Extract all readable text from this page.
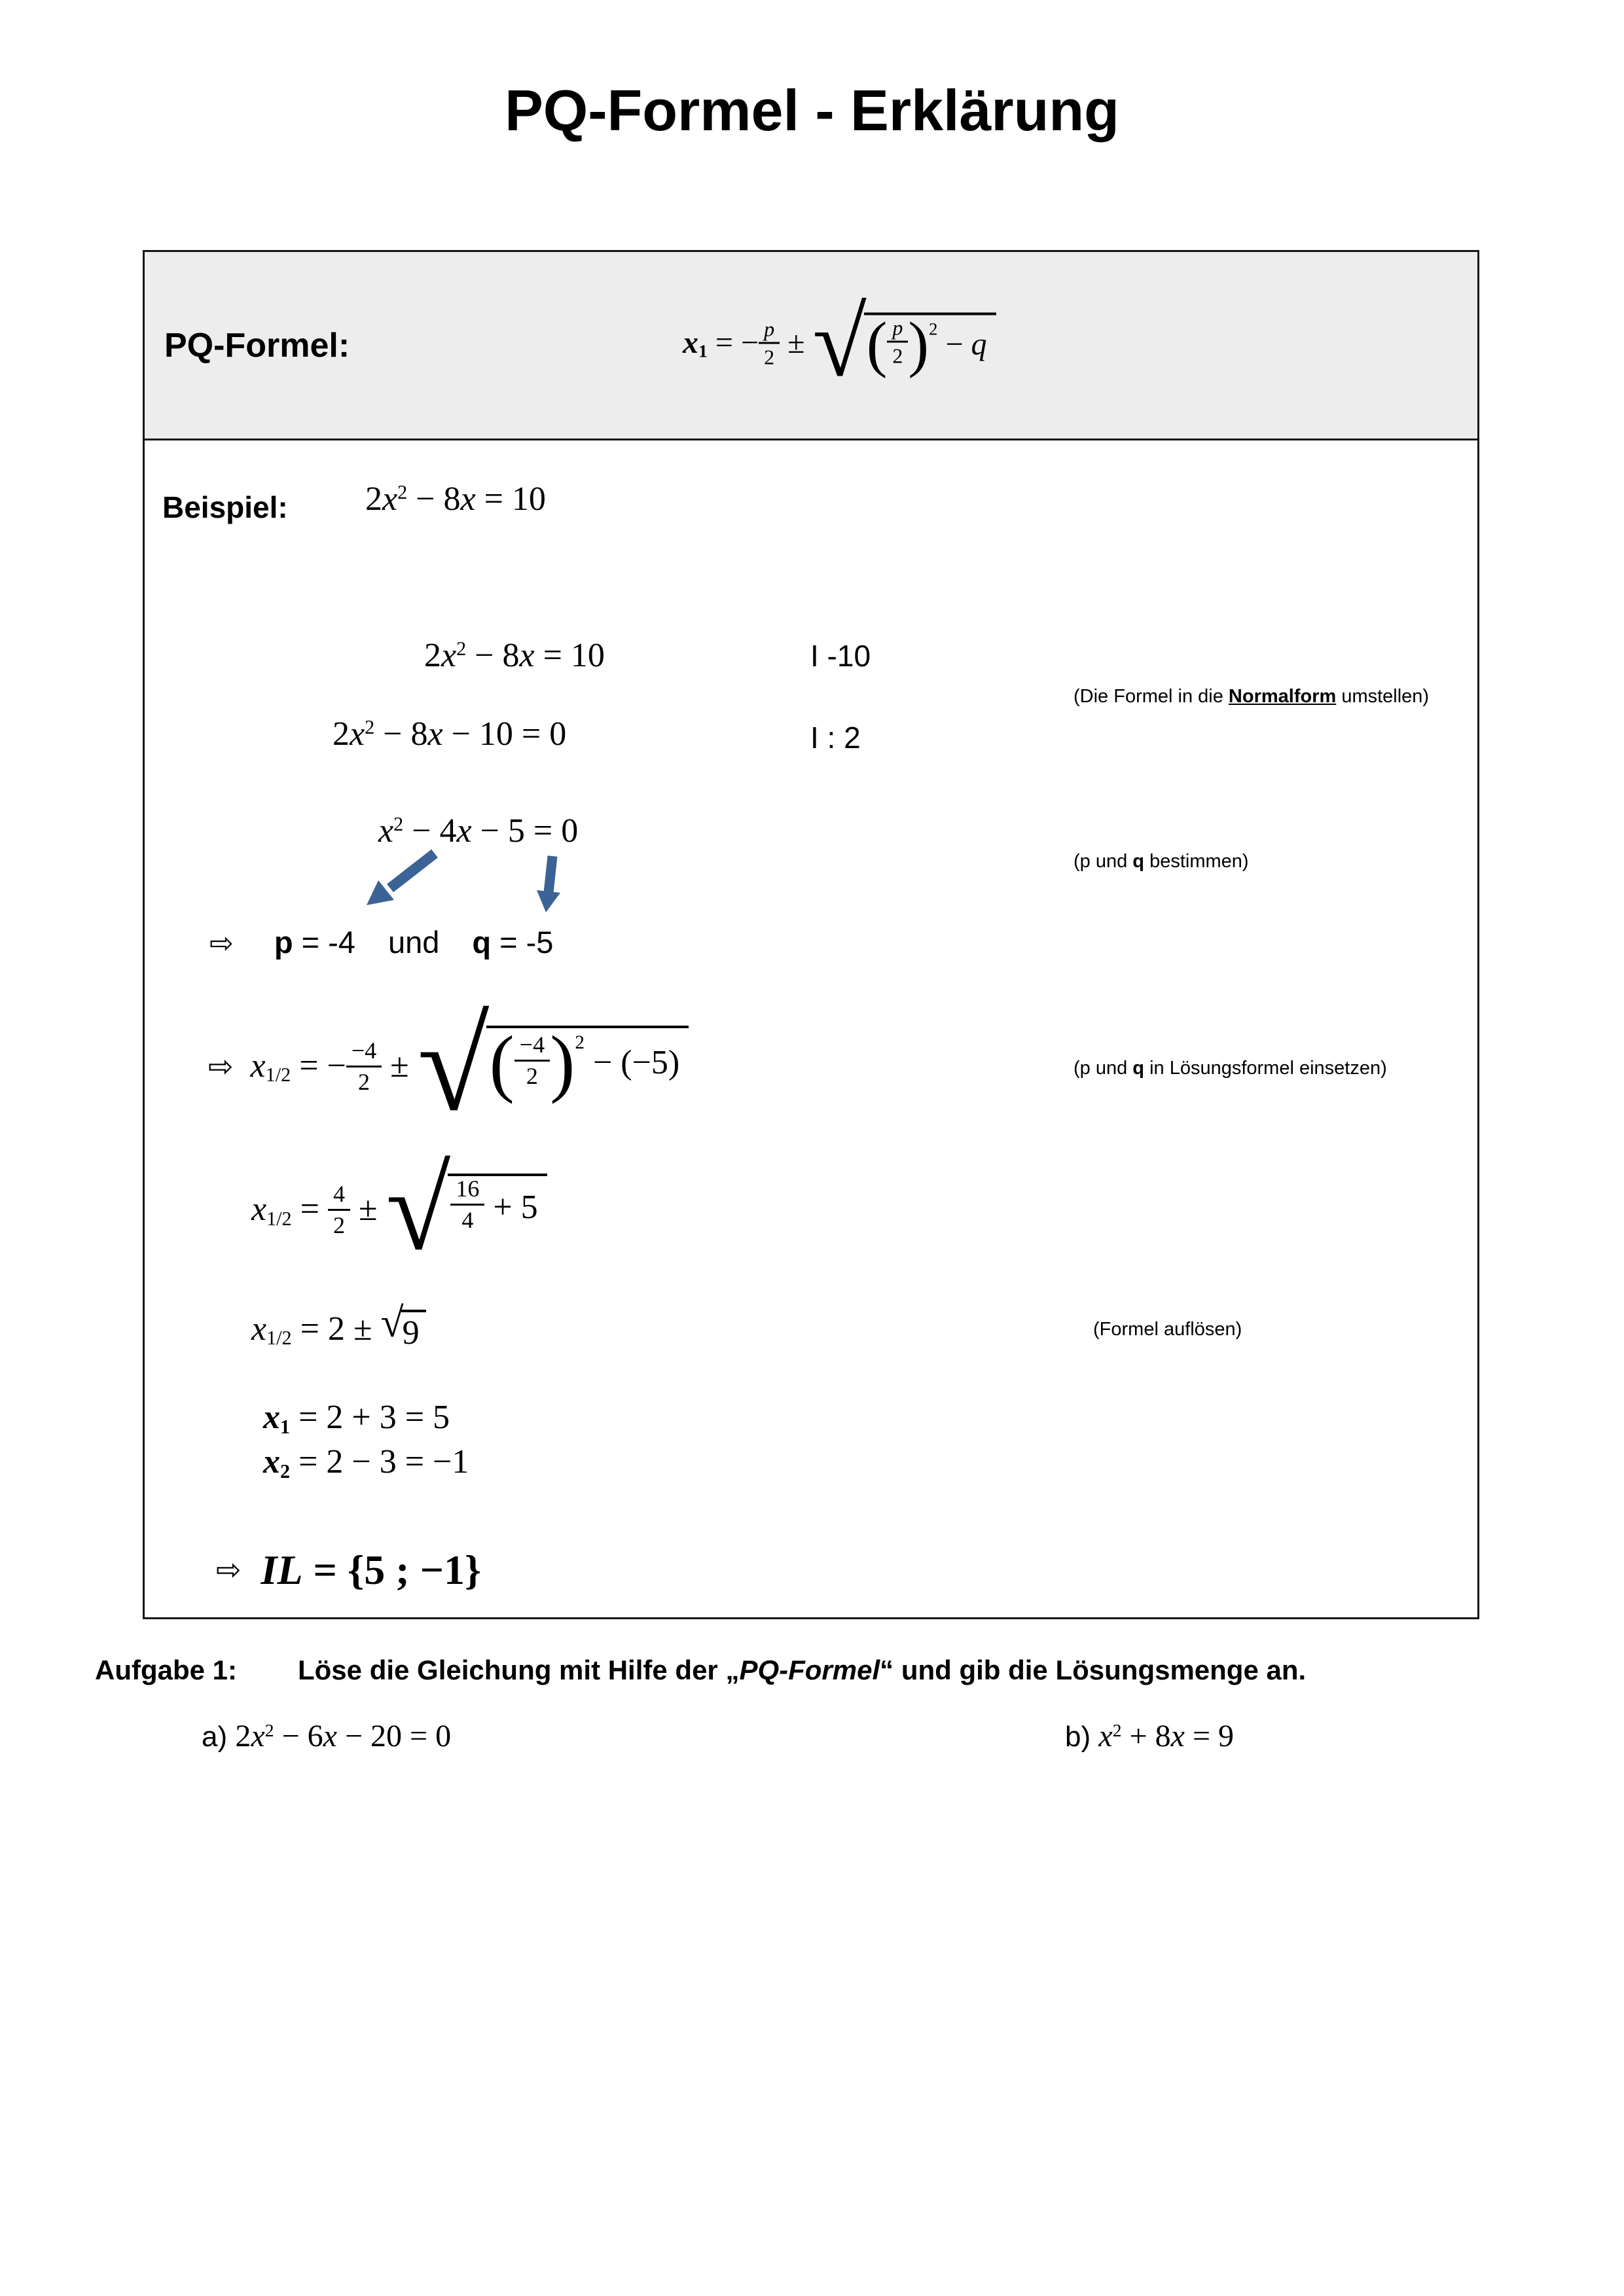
PQ-Formel - Erklärung
PQ-Formel:	x1 = − $\frac{p}{2}$ ± √ ( $\frac{p}{2}$ ) 2 − q
Beispiel: $2x^2 - 8x = 10$
$2x^2 - 8x = 10$	I -10
(Die Formel in die Normalform umstellen)
$2x^2 - 8x - 10 = 0$	I : 2
$x^2 - 4x - 5 = 0$
(p und q bestimmen)
⇨ p = -4 und q = -5
⇨ x1/2 = − $\frac{-4}{2}$ ± √ ( $\frac{-4}{2}$ ) 2
− (−5)	(p und q in Lösungsformel einsetzen)
$x1/2 = \frac{4}{2}$ ± √ $\frac{16}{4} + 5$
x1/2 = 2 ± √
9	(Formel auflösen)
x1 = 2 + 3 = 5
x2 = 2 − 3 = −1
⇨ IL = {5 ; −1}
Aufgabe 1: Löse die Gleichung mit Hilfe der „PQ-Formel“ und gib die Lösungsmenge an.
a) $2x^2 - 6x - 20 = 0$	b) $x^2 + 8x = 9$
